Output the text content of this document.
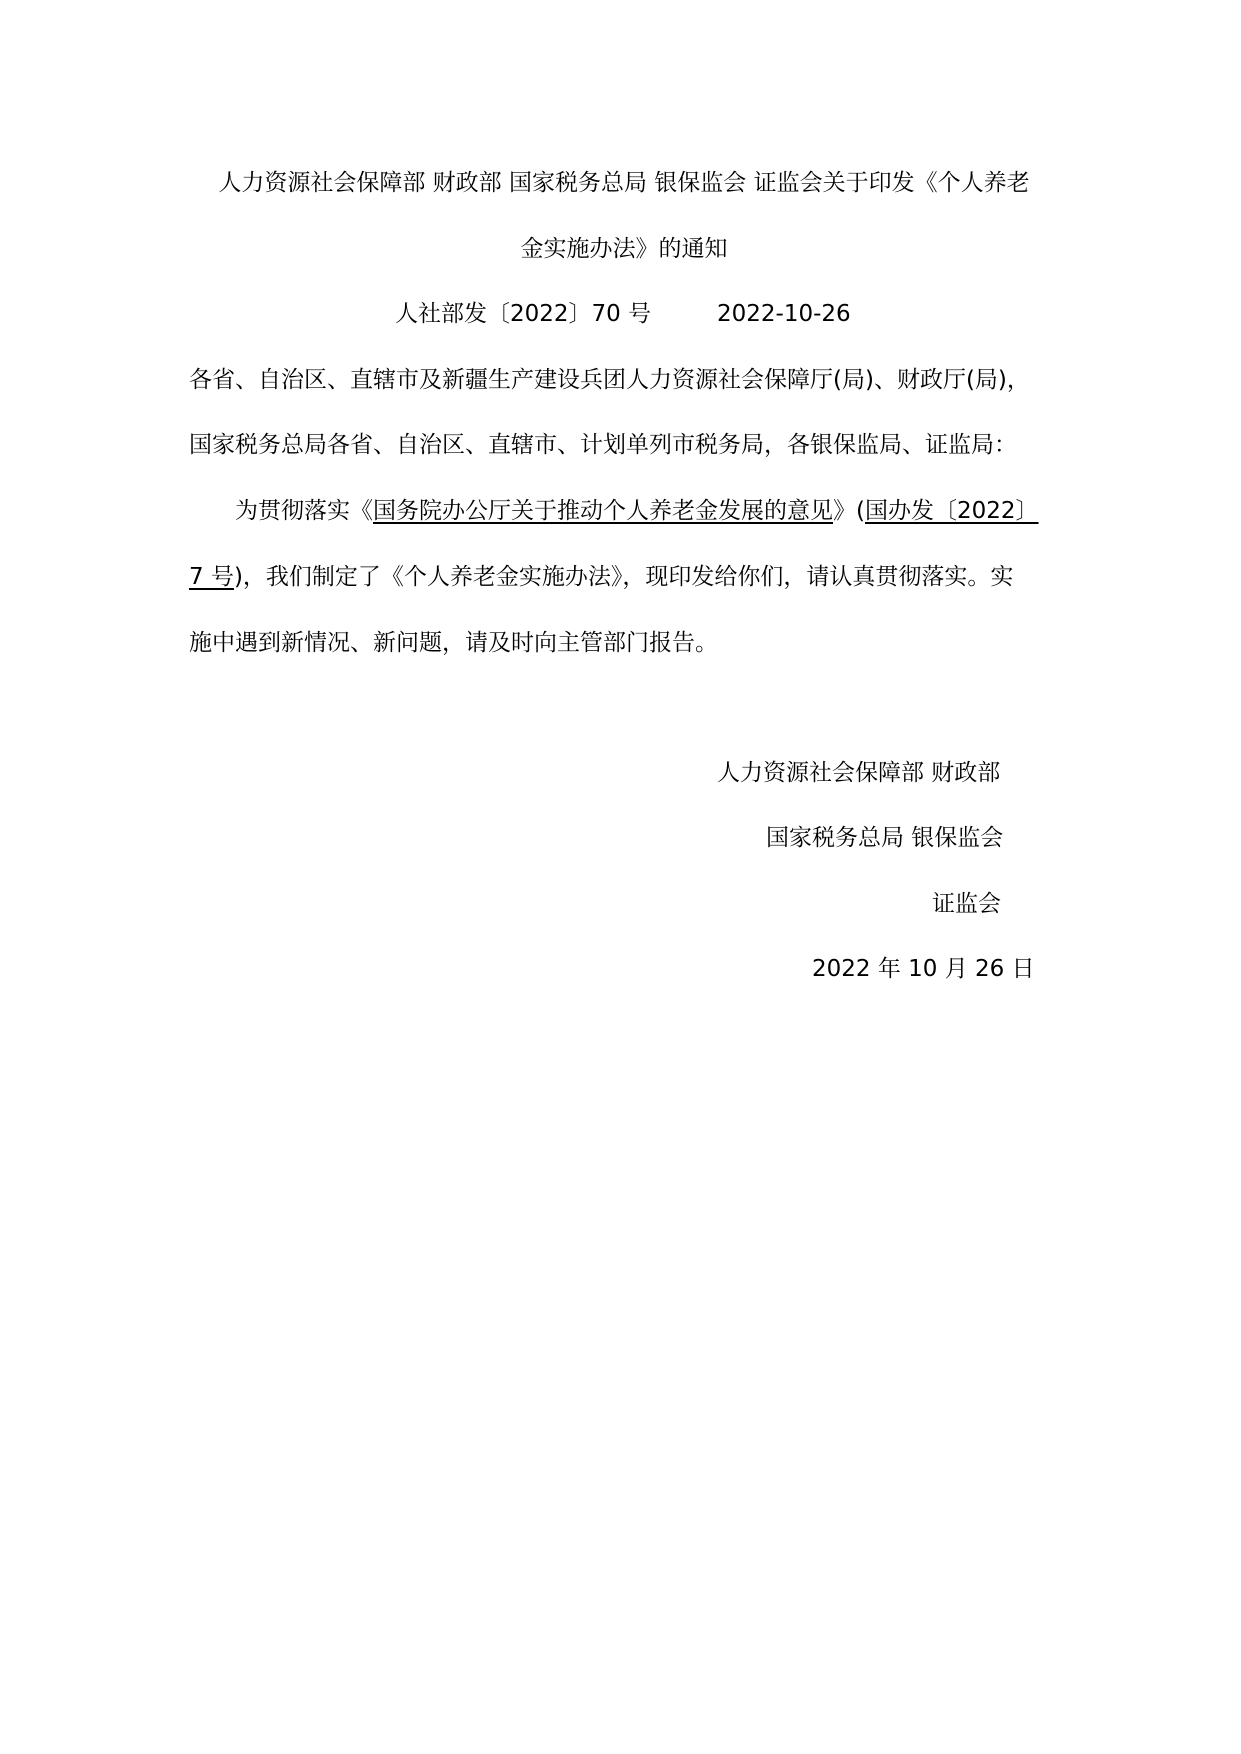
人力资源社会保障部 财政部 国家税务总局 银保监会 证监会关于印发《个人养老

金实施办法》的通知

人社部发〔2022〕70 号	2022-10-26

各省、自治区、直辖市及新疆生产建设兵团人力资源社会保障厅(局)、财政厅(局)，

国家税务总局各省、自治区、直辖市、计划单列市税务局，各银保监局、证监局：

为贯彻落实《国务院办公厅关于推动个人养老金发展的意见》(国办发〔2022〕

7 号)，我们制定了《个人养老金实施办法》，现印发给你们，请认真贯彻落实。实

施中遇到新情况、新问题，请及时向主管部门报告。

人力资源社会保障部 财政部

国家税务总局 银保监会

证监会

2022 年 10 月 26 日
